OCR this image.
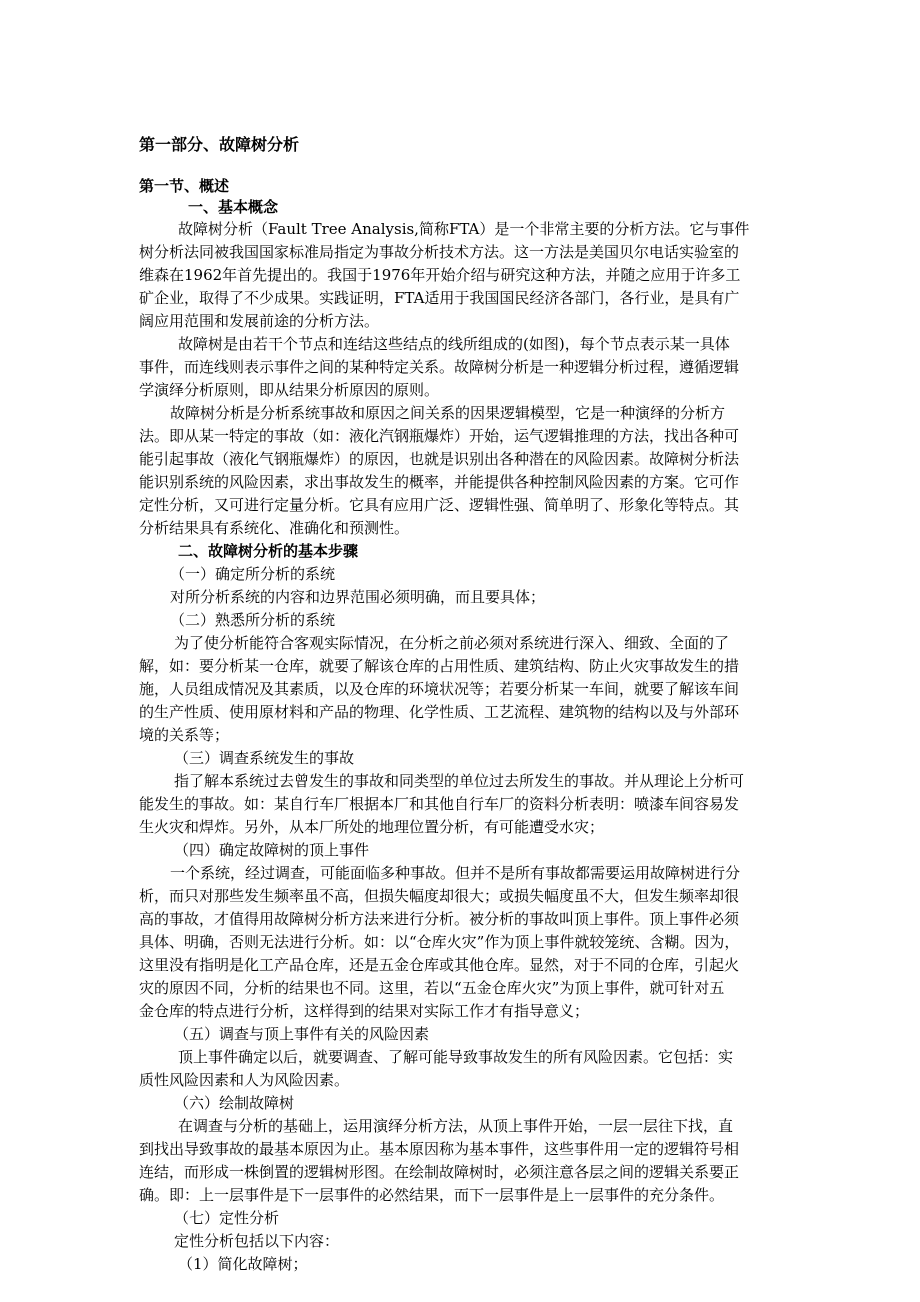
第一部分、故障树分析
第一节、概述
一、基本概念
故障树分析（Fault Tree Analysis,简称FTA）是一个非常主要的分析方法。它与事件
树分析法同被我国国家标准局指定为事故分析技术方法。这一方法是美国贝尔电话实验室的
维森在1962年首先提出的。我国于1976年开始介绍与研究这种方法，并随之应用于许多工
矿企业，取得了不少成果。实践证明，FTA适用于我国国民经济各部门，各行业，是具有广
阔应用范围和发展前途的分析方法。
故障树是由若干个节点和连结这些结点的线所组成的(如图)，每个节点表示某一具体
事件，而连线则表示事件之间的某种特定关系。故障树分析是一种逻辑分析过程，遵循逻辑
学演绎分析原则，即从结果分析原因的原则。
故障树分析是分析系统事故和原因之间关系的因果逻辑模型，它是一种演绎的分析方
法。即从某一特定的事故（如：液化汽钢瓶爆炸）开始，运气逻辑推理的方法，找出各种可
能引起事故（液化气钢瓶爆炸）的原因，也就是识别出各种潜在的风险因素。故障树分析法
能识别系统的风险因素，求出事故发生的概率，并能提供各种控制风险因素的方案。它可作
定性分析，又可进行定量分析。它具有应用广泛、逻辑性强、简单明了、形象化等特点。其
分析结果具有系统化、准确化和预测性。
二、故障树分析的基本步骤
（一）确定所分析的系统
对所分析系统的内容和边界范围必须明确，而且要具体；
（二）熟悉所分析的系统
为了使分析能符合客观实际情况，在分析之前必须对系统进行深入、细致、全面的了
解，如：要分析某一仓库，就要了解该仓库的占用性质、建筑结构、防止火灾事故发生的措
施，人员组成情况及其素质，以及仓库的环境状况等；若要分析某一车间，就要了解该车间
的生产性质、使用原材料和产品的物理、化学性质、工艺流程、建筑物的结构以及与外部环
境的关系等；
（三）调查系统发生的事故
指了解本系统过去曾发生的事故和同类型的单位过去所发生的事故。并从理论上分析可
能发生的事故。如：某自行车厂根据本厂和其他自行车厂的资料分析表明：喷漆车间容易发
生火灾和焊炸。另外，从本厂所处的地理位置分析，有可能遭受水灾；
（四）确定故障树的顶上事件
一个系统，经过调查，可能面临多种事故。但并不是所有事故都需要运用故障树进行分
析，而只对那些发生频率虽不高，但损失幅度却很大；或损失幅度虽不大，但发生频率却很
高的事故，才值得用故障树分析方法来进行分析。被分析的事故叫顶上事件。顶上事件必须
具体、明确，否则无法进行分析。如：以“仓库火灾”作为顶上事件就较笼统、含糊。因为，
这里没有指明是化工产品仓库，还是五金仓库或其他仓库。显然，对于不同的仓库，引起火
灾的原因不同，分析的结果也不同。这里，若以“五金仓库火灾”为顶上事件，就可针对五
金仓库的特点进行分析，这样得到的结果对实际工作才有指导意义；
（五）调查与顶上事件有关的风险因素
顶上事件确定以后，就要调查、了解可能导致事故发生的所有风险因素。它包括：实
质性风险因素和人为风险因素。
（六）绘制故障树
在调查与分析的基础上，运用演绎分析方法，从顶上事件开始，一层一层往下找，直
到找出导致事故的最基本原因为止。基本原因称为基本事件，这些事件用一定的逻辑符号相
连结，而形成一株倒置的逻辑树形图。在绘制故障树时，必须注意各层之间的逻辑关系要正
确。即：上一层事件是下一层事件的必然结果，而下一层事件是上一层事件的充分条件。
（七）定性分析
定性分析包括以下内容：
（1）简化故障树；
